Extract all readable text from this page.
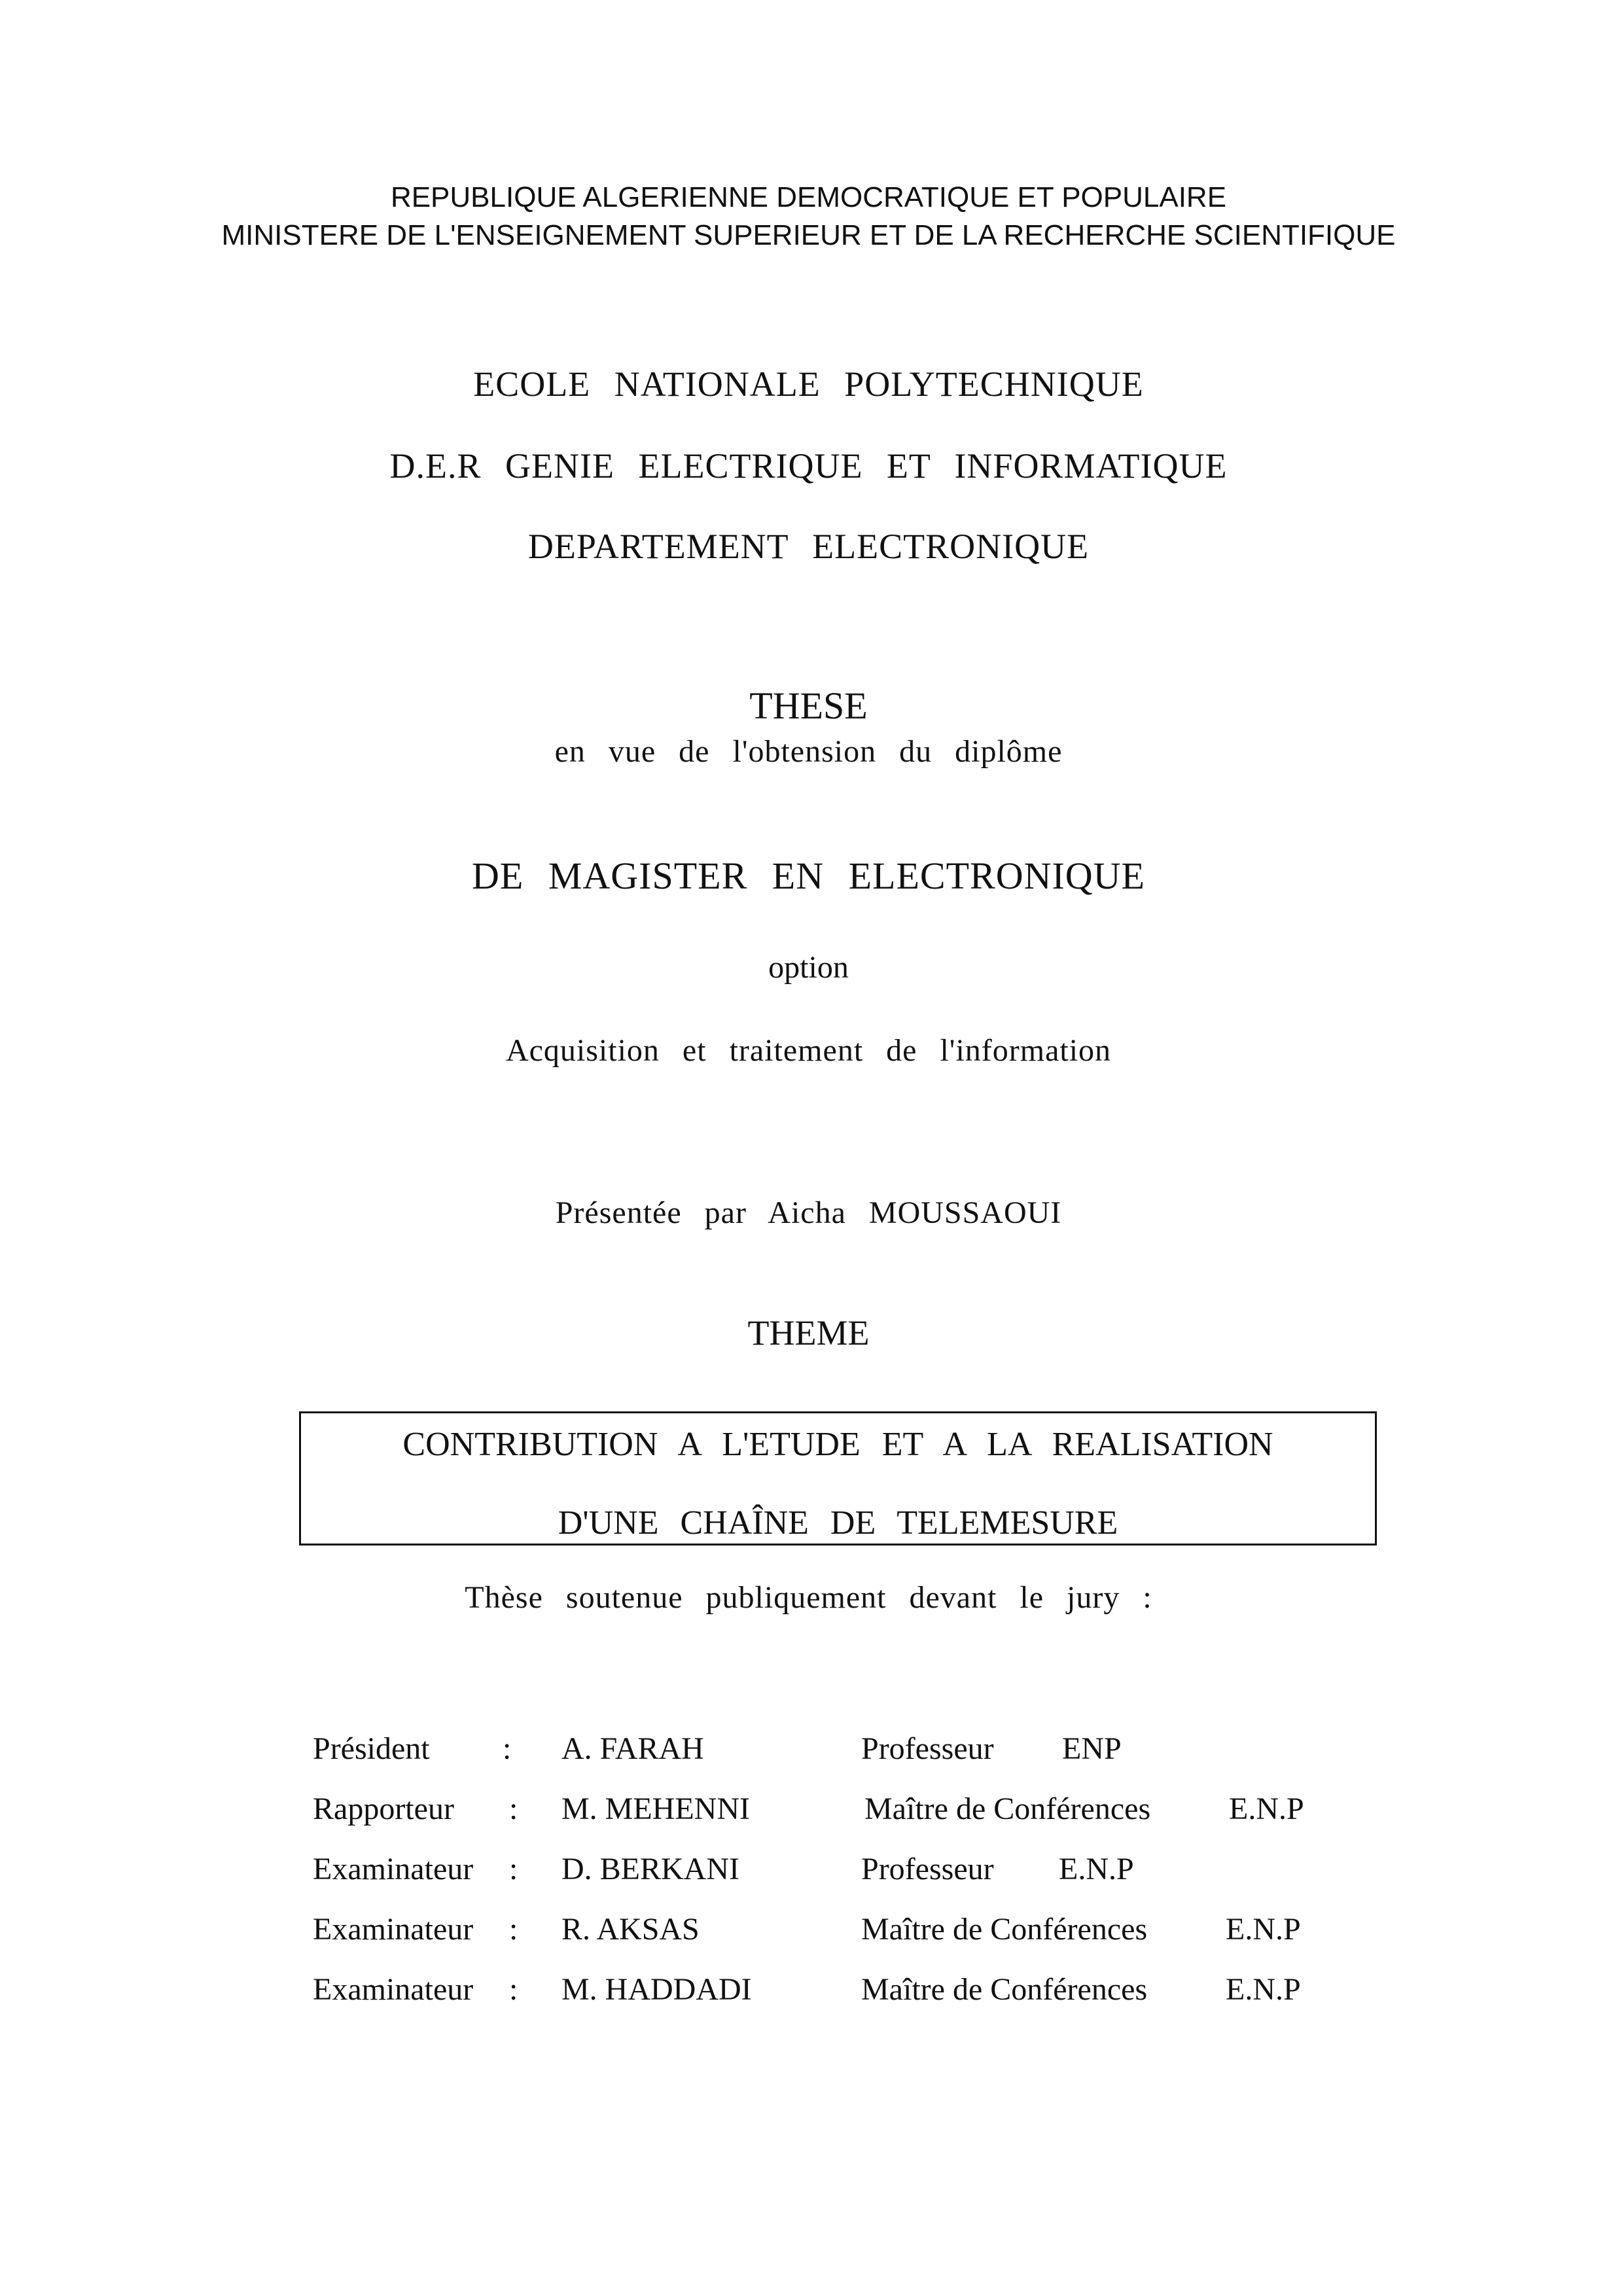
REPUBLIQUE ALGERIENNE DEMOCRATIQUE ET POPULAIRE
MINISTERE DE L'ENSEIGNEMENT SUPERIEUR ET DE LA RECHERCHE SCIENTIFIQUE
ECOLE NATIONALE POLYTECHNIQUE
D.E.R GENIE ELECTRIQUE ET INFORMATIQUE
DEPARTEMENT ELECTRONIQUE
THESE
en vue de l'obtension du diplôme
DE MAGISTER EN ELECTRONIQUE
option
Acquisition et traitement de l'information
Présentée par Aicha MOUSSAOUI
THEME
CONTRIBUTION A L'ETUDE ET A LA REALISATION
D'UNE CHAÎNE DE TELEMESURE
Thèse soutenue publiquement devant le jury :
Président : A. FARAH	Professeur ENP
Rapporteur : M. MEHENNI	Maître de Conférences E.N.P
Examinateur : D. BERKANI	Professeur E.N.P
Examinateur : R. AKSAS	Maître de Conférences E.N.P
Examinateur : M. HADDADI	Maître de Conférences E.N.P
